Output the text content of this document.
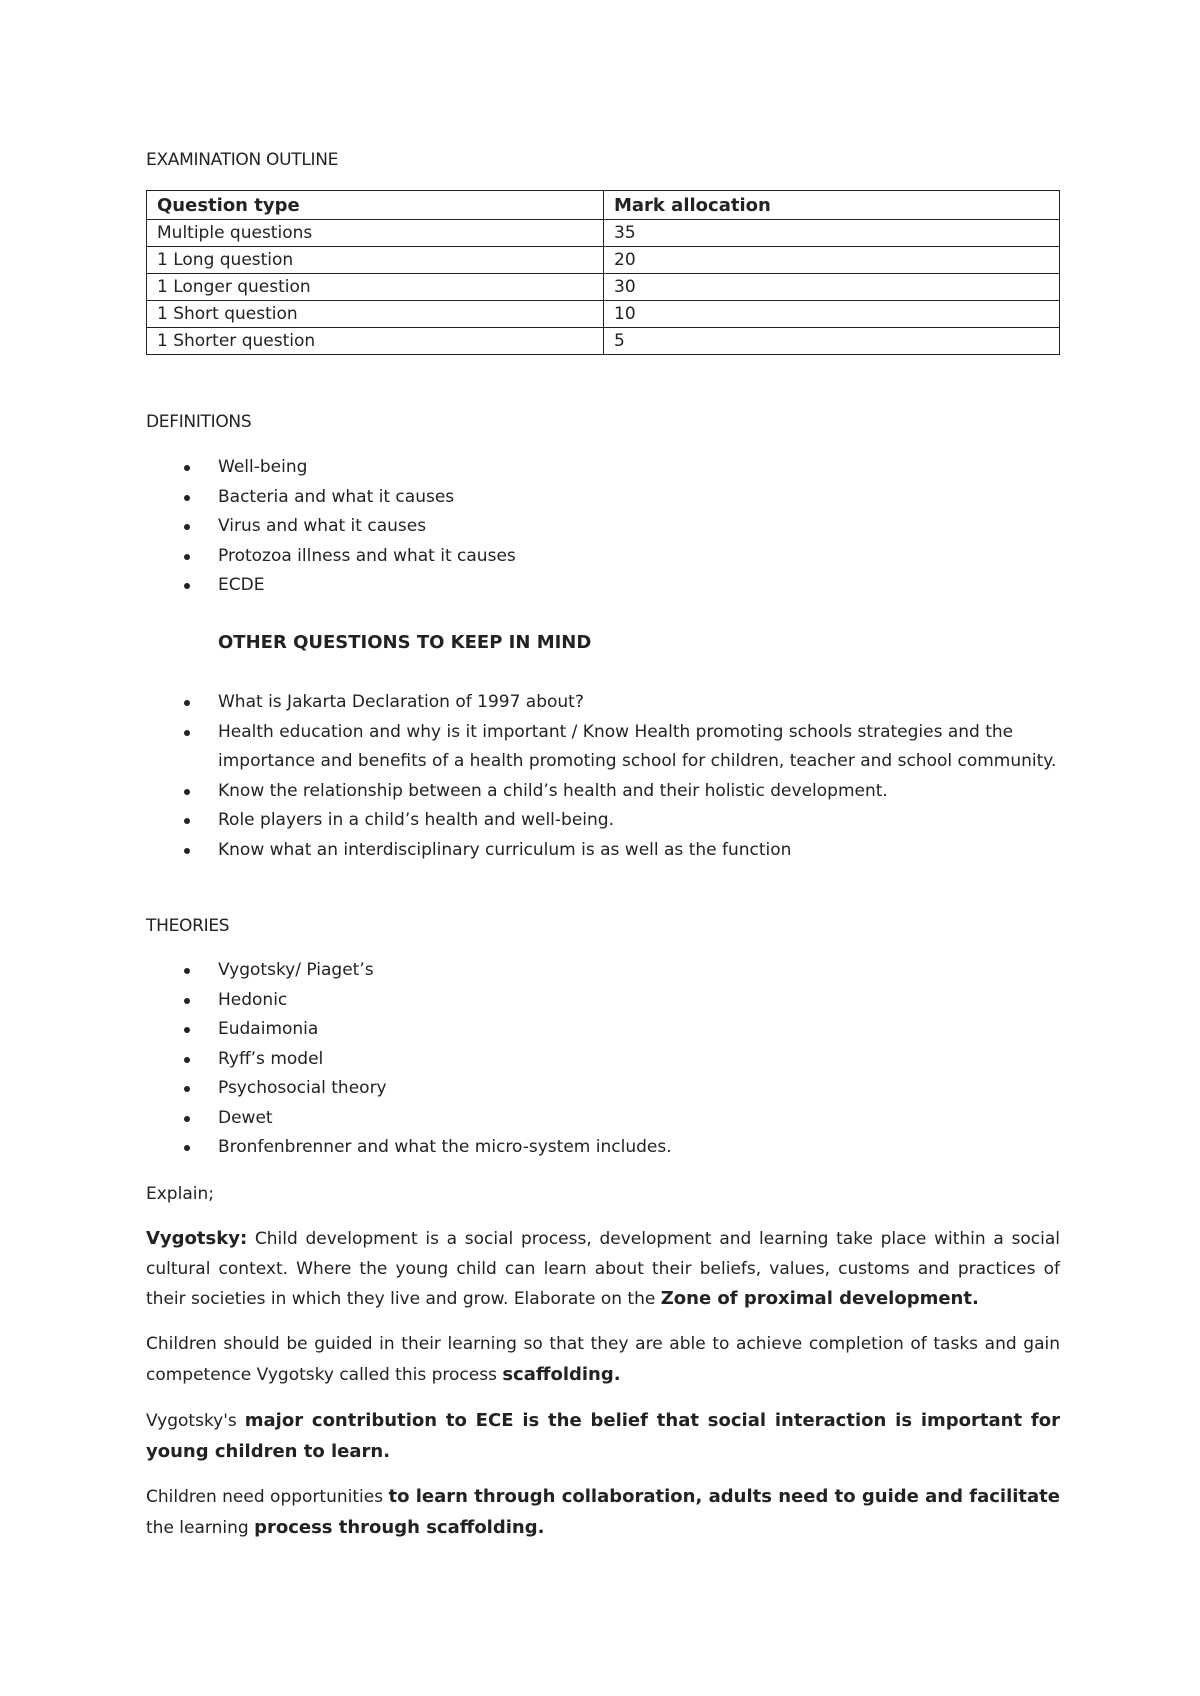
EXAMINATION OUTLINE
Question type	Mark allocation
Multiple questions	35
1 Long question	20
1 Longer question	30
1 Short question	10
1 Shorter question	5
DEFINITIONS
Well-being
Bacteria and what it causes
Virus and what it causes
Protozoa illness and what it causes
ECDE
OTHER QUESTIONS TO KEEP IN MIND
What is Jakarta Declaration of 1997 about?
Health education and why is it important / Know Health promoting schools strategies and the importance and benefits of a health promoting school for children, teacher and school community.
Know the relationship between a child’s health and their holistic development.
Role players in a child’s health and well-being.
Know what an interdisciplinary curriculum is as well as the function
THEORIES
Vygotsky/ Piaget’s
Hedonic
Eudaimonia
Ryff’s model
Psychosocial theory
Dewet
Bronfenbrenner and what the micro-system includes.

Explain;

Vygotsky: Child development is a social process, development and learning take place within a social cultural context. Where the young child can learn about their beliefs, values, customs and practices of their societies in which they live and grow. Elaborate on the Zone of proximal development.

Children should be guided in their learning so that they are able to achieve completion of tasks and gain competence Vygotsky called this process scaffolding.

Vygotsky's major contribution to ECE is the belief that social interaction is important for young children to learn.

Children need opportunities to learn through collaboration, adults need to guide and facilitate the learning process through scaffolding.
